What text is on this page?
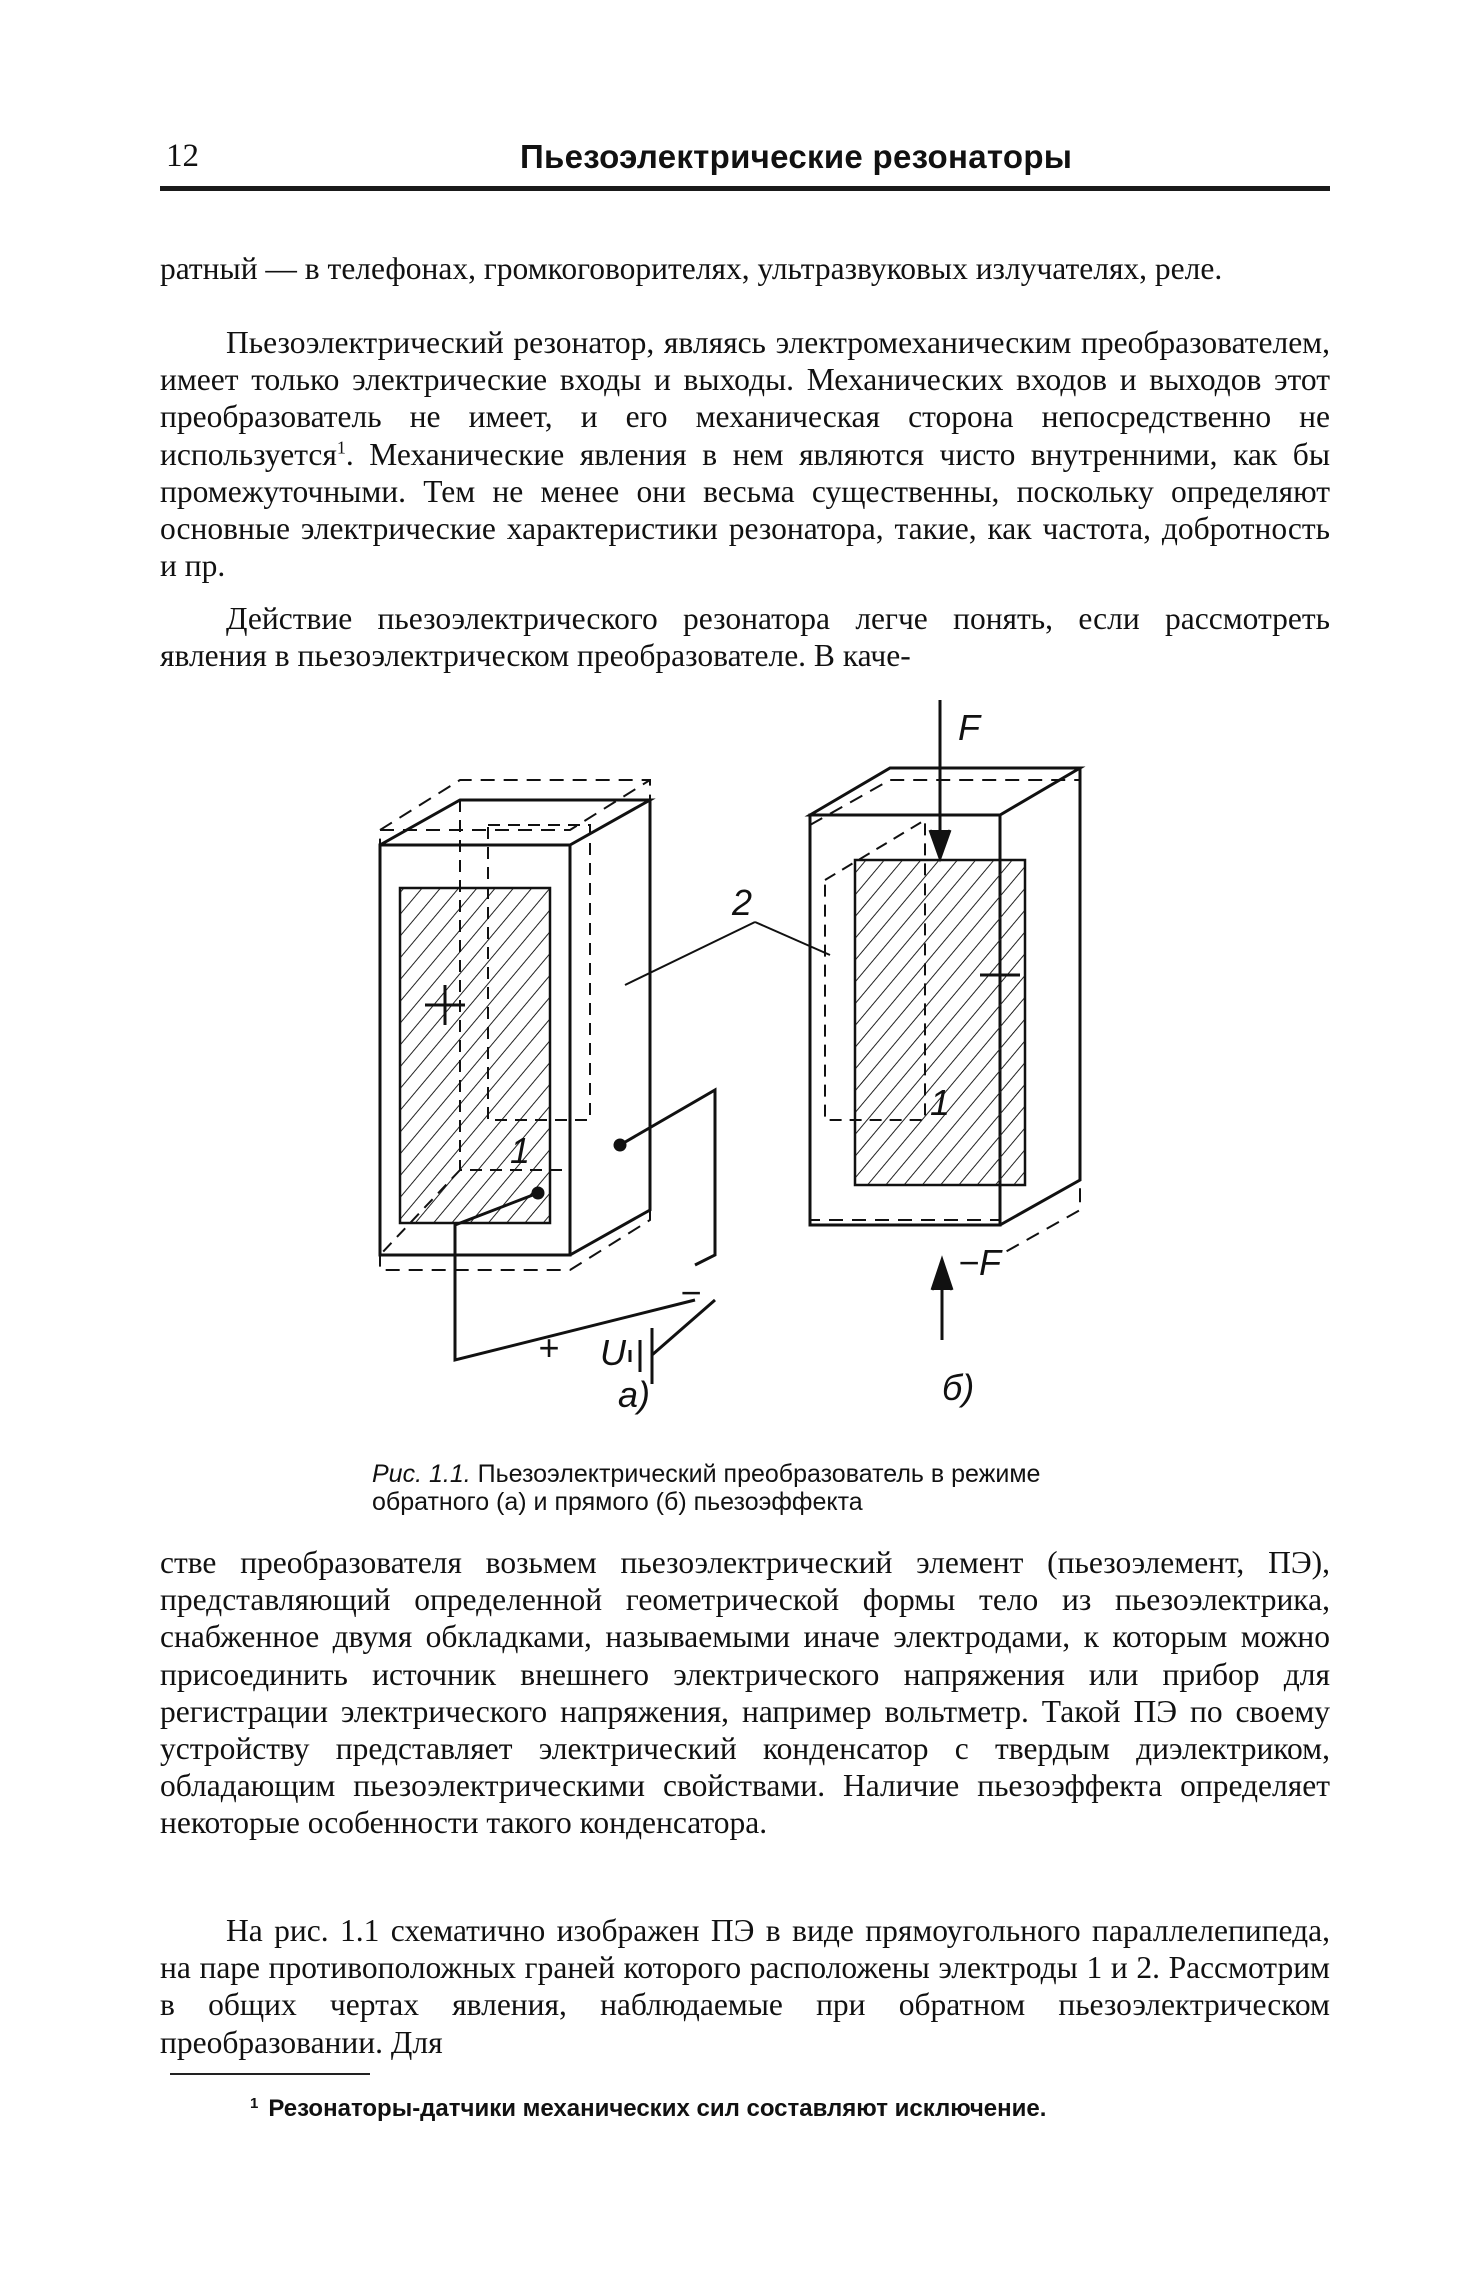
12	Пьезоэлектрические резонаторы

ратный — в телефонах, громкоговорителях, ультразвуковых излучателях, реле.

Пьезоэлектрический резонатор, являясь электромеханическим преобразователем, имеет только электрические входы и выходы. Механических входов и выходов этот преобразователь не имеет, и его механическая сторона непосредственно не используется$^1$. Механические явления в нем являются чисто внутренними, как бы промежуточными. Тем не менее они весьма существенны, поскольку определяют основные электрические характеристики резонатора, такие, как частота, добротность и пр.

Действие пьезоэлектрического резонатора легче понять, если рассмотреть явления в пьезоэлектрическом преобразователе. В каче-

1
+
−
U
а)
1
2
F
−F
б)
Рис. 1.1. Пьезоэлектрический преобразователь в режиме обратного (а) и прямого (б) пьезоэффекта

стве преобразователя возьмем пьезоэлектрический элемент (пьезоэлемент, ПЭ), представляющий определенной геометрической формы тело из пьезоэлектрика, снабженное двумя обкладками, называемыми иначе электродами, к которым можно присоединить источник внешнего электрического напряжения или прибор для регистрации электрического напряжения, например вольтметр. Такой ПЭ по своему устройству представляет электрический конденсатор с твердым диэлектриком, обладающим пьезоэлектрическими свойствами. Наличие пьезоэффекта определяет некоторые особенности такого конденсатора.

На рис. 1.1 схематично изображен ПЭ в виде прямоугольного параллелепипеда, на паре противоположных граней которого расположены электроды 1 и 2. Рассмотрим в общих чертах явления, наблюдаемые при обратном пьезоэлектрическом преобразовании. Для

$^1$ Резонаторы-датчики механических сил составляют исключение.
